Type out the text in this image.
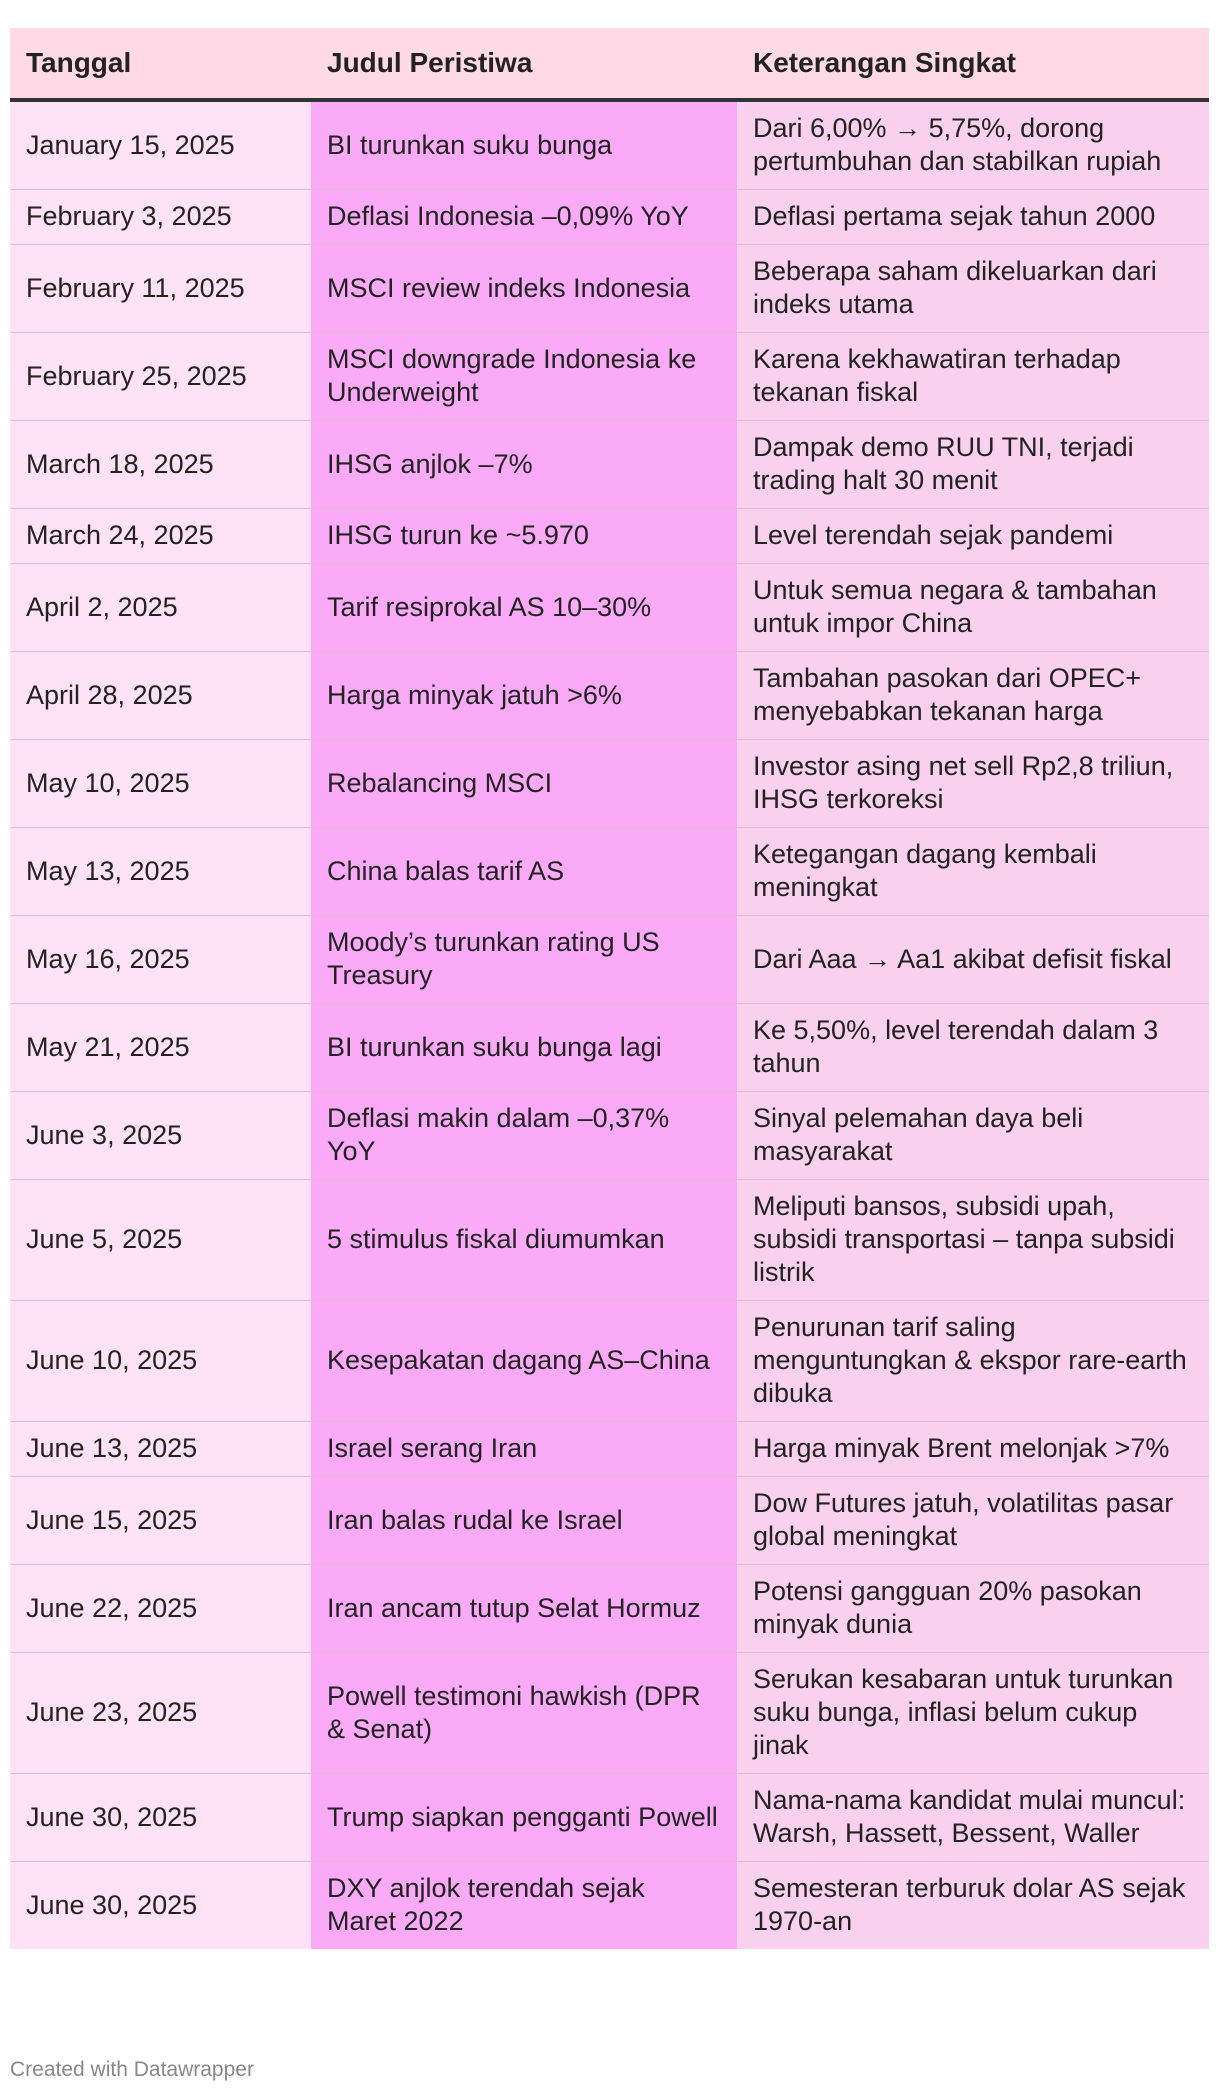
Tanggal	Judul Peristiwa	Keterangan Singkat
January 15, 2025	BI turunkan suku bunga	Dari 6,00% → 5,75%, dorong pertumbuhan dan stabilkan rupiah
February 3, 2025	Deflasi Indonesia –0,09% YoY	Deflasi pertama sejak tahun 2000
February 11, 2025	MSCI review indeks Indonesia	Beberapa saham dikeluarkan dari indeks utama
February 25, 2025	MSCI downgrade Indonesia ke Underweight	Karena kekhawatiran terhadap tekanan fiskal
March 18, 2025	IHSG anjlok –7%	Dampak demo RUU TNI, terjadi trading halt 30 menit
March 24, 2025	IHSG turun ke ~5.970	Level terendah sejak pandemi
April 2, 2025	Tarif resiprokal AS 10–30%	Untuk semua negara & tambahan untuk impor China
April 28, 2025	Harga minyak jatuh >6%	Tambahan pasokan dari OPEC+ menyebabkan tekanan harga
May 10, 2025	Rebalancing MSCI	Investor asing net sell Rp2,8 triliun, IHSG terkoreksi
May 13, 2025	China balas tarif AS	Ketegangan dagang kembali meningkat
May 16, 2025	Moody’s turunkan rating US Treasury	Dari Aaa → Aa1 akibat defisit fiskal
May 21, 2025	BI turunkan suku bunga lagi	Ke 5,50%, level terendah dalam 3 tahun
June 3, 2025	Deflasi makin dalam –0,37% YoY	Sinyal pelemahan daya beli masyarakat
June 5, 2025	5 stimulus fiskal diumumkan	Meliputi bansos, subsidi upah, subsidi transportasi – tanpa subsidi listrik
June 10, 2025	Kesepakatan dagang AS–China	Penurunan tarif saling menguntungkan & ekspor rare-earth dibuka
June 13, 2025	Israel serang Iran	Harga minyak Brent melonjak >7%
June 15, 2025	Iran balas rudal ke Israel	Dow Futures jatuh, volatilitas pasar global meningkat
June 22, 2025	Iran ancam tutup Selat Hormuz	Potensi gangguan 20% pasokan minyak dunia
June 23, 2025	Powell testimoni hawkish (DPR & Senat)	Serukan kesabaran untuk turunkan suku bunga, inflasi belum cukup jinak
June 30, 2025	Trump siapkan pengganti Powell	Nama-nama kandidat mulai muncul: Warsh, Hassett, Bessent, Waller
June 30, 2025	DXY anjlok terendah sejak Maret 2022	Semesteran terburuk dolar AS sejak 1970-an
Created with Datawrapper
